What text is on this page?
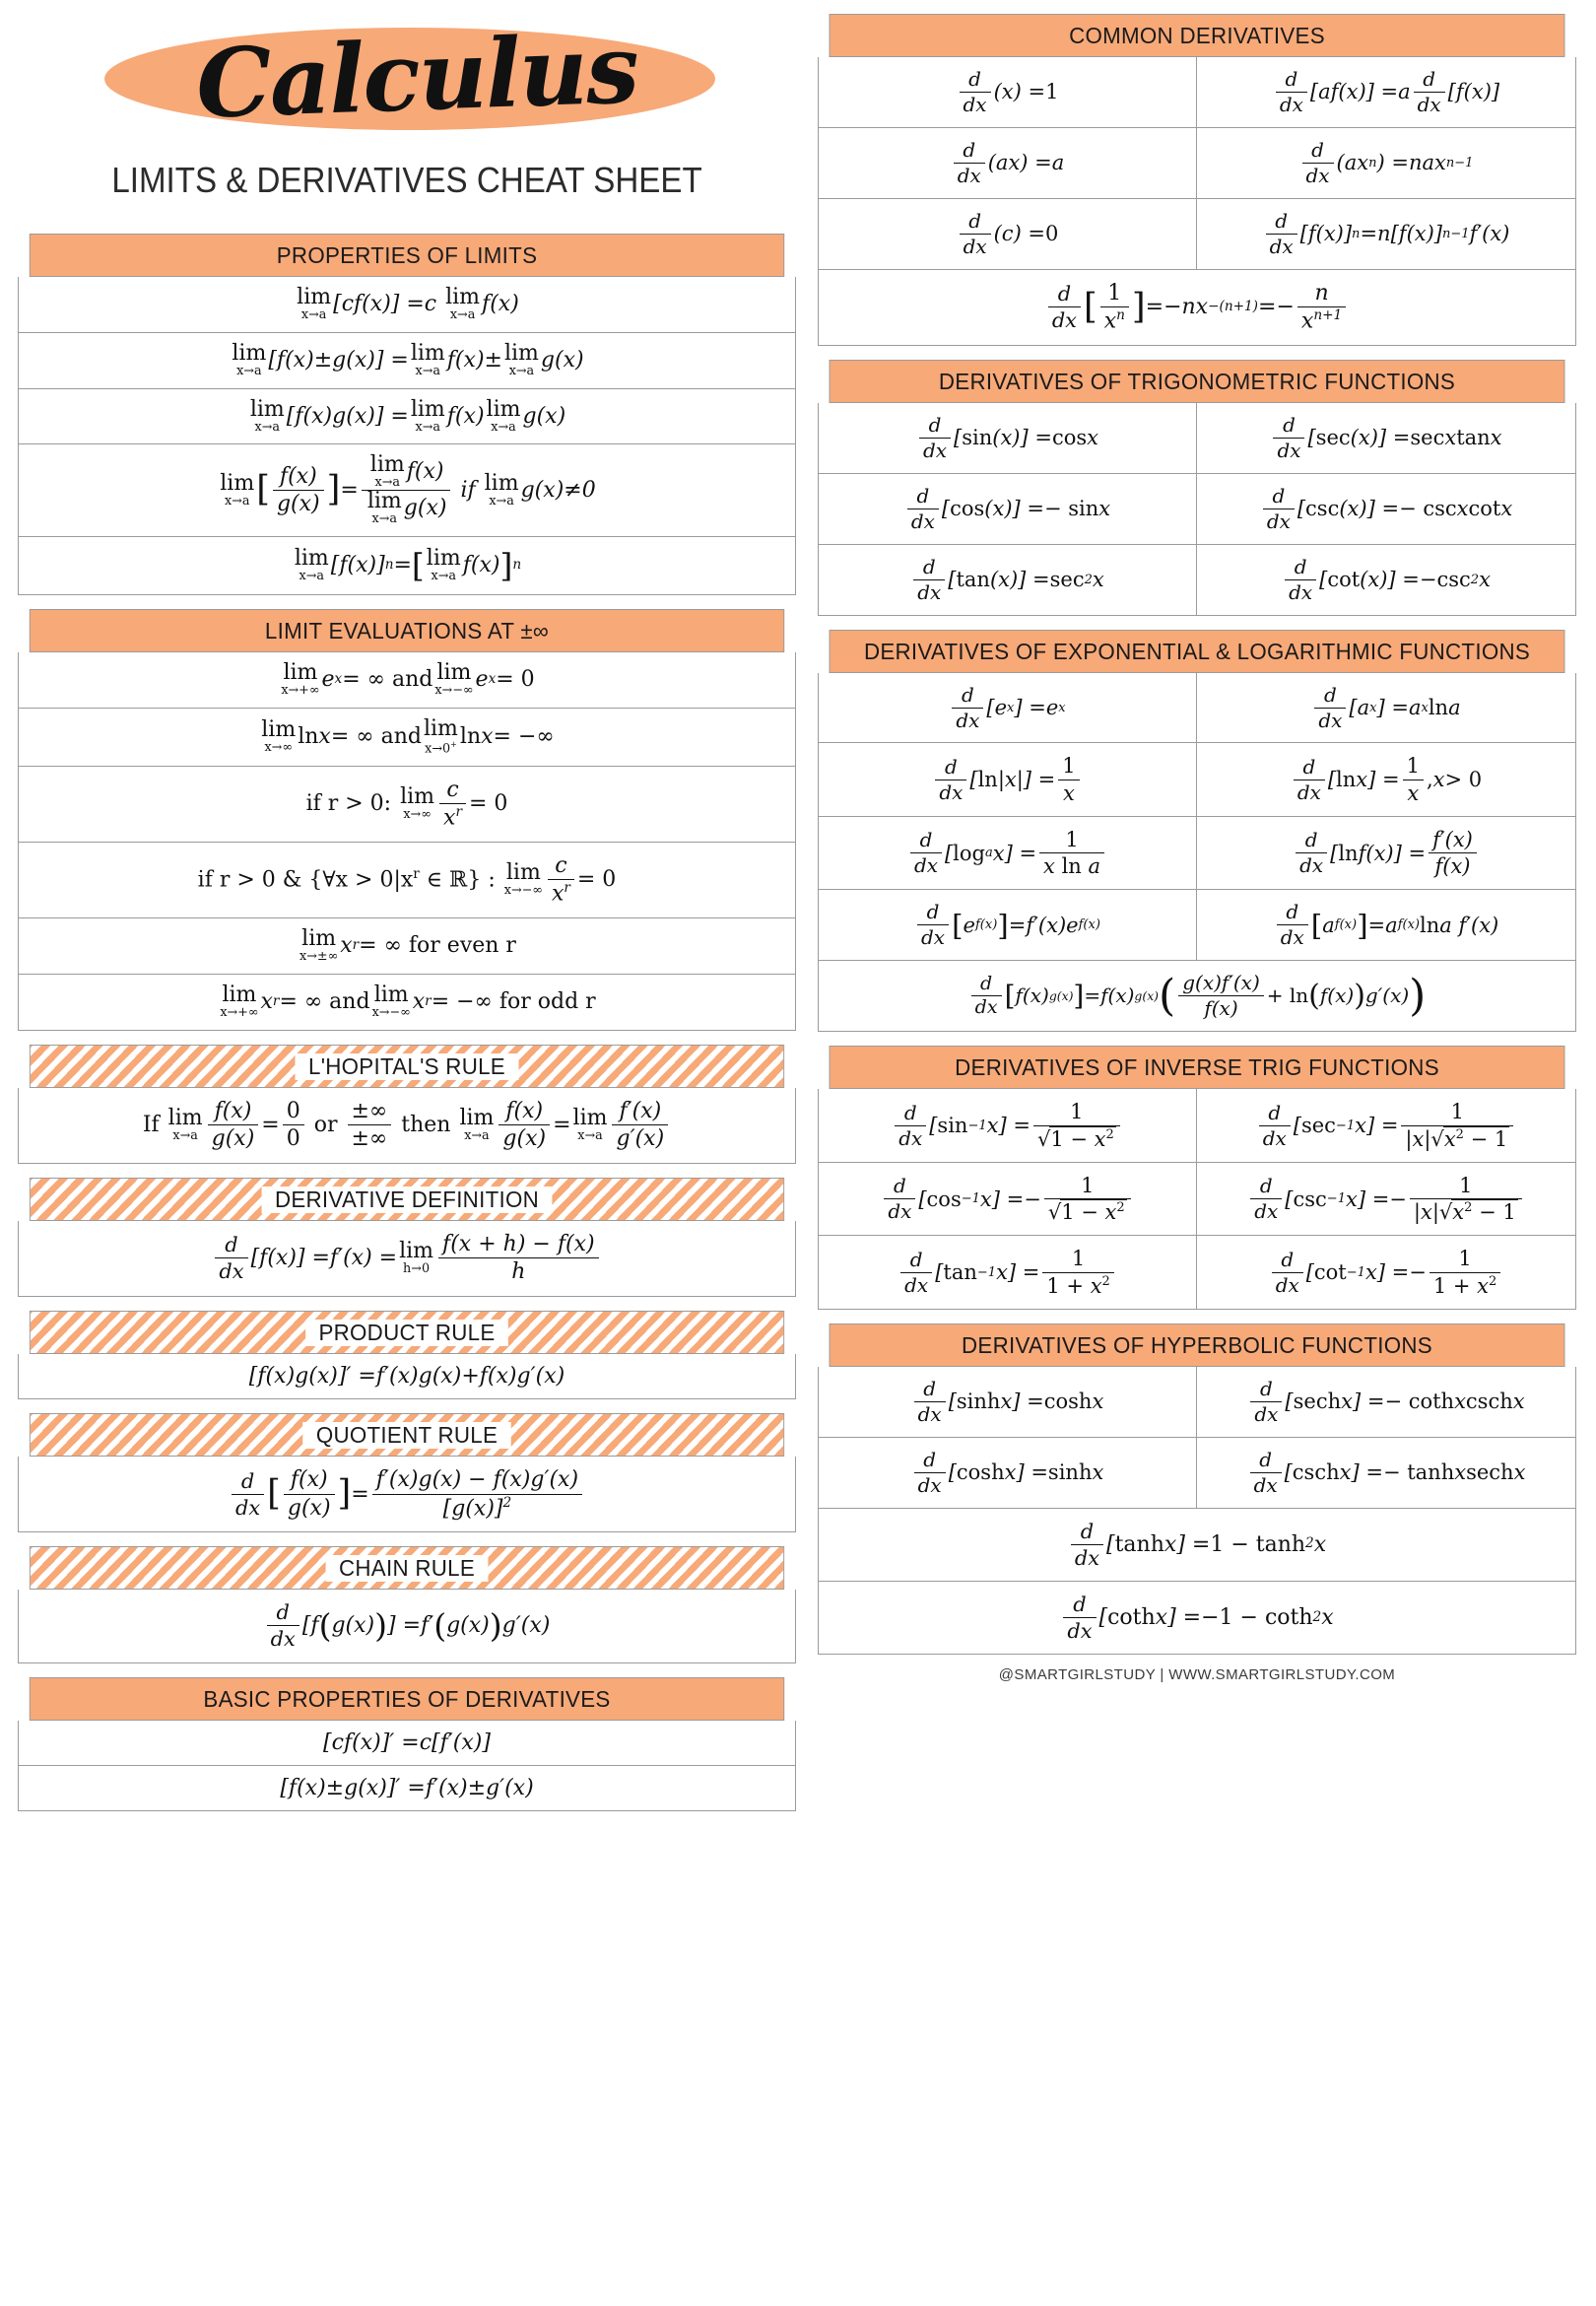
Calculus
LIMITS & DERIVATIVES CHEAT SHEET
PROPERTIES OF LIMITS
lim
x→a [ cf ( x )] = c
lim
x→a f ( x )
lim
x→a [ f ( x ) ± g ( x )] = lim
x→a f ( x ) ± lim
x→a g ( x )
lim
x→a [ f ( x ) g ( x )] = lim
x→a f ( x ) lim
x→a g ( x )
lim
x→a [ $\frac{f(x)}{g(x)}$ ] = lim
x→a f(x)
lim
x→a g(x)
if
lim
x→a g ( x ) ≠ 0
lim
x→a [ f ( x )] n = [ lim
x→a f ( x ) ] n
LIMIT EVALUATIONS AT ±∞
lim
x→+∞ e x = ∞ and lim
x→−∞ e x = 0
lim
x→∞ ln x = ∞ and lim
x→0+ ln x = −∞
if r > 0:
lim
$x\to\infty \frac{c}{x^r} = 0$
if r > 0 & {∀x > $0|x^r$ ∈ ℝ} :
lim
$x\to-\infty \frac{c}{x^r} = 0$
lim
x→±∞ x r = ∞ for even r
lim
x→+∞ x r = ∞ and lim
x→−∞ x r = −∞ for odd r
L'HOPITAL'S RULE
If
lim
$x\to a \frac{f(x)}{g(x)} = \frac{0}{0}$
or
$\frac{\pm\infty}{\pm\infty}$
then
lim
$x\to a \frac{f(x)}{g(x)} = \lim$
$x\to a \frac{f'(x)}{g'(x)}$
DERIVATIVE DEFINITION
$\frac{d}{dx}$ [ f ( x )] = f ′( x ) = lim
$h\to 0 \frac{f(x + h) - f(x)}{h}$
PRODUCT RULE
[ f ( x ) g ( x )]′ = f ′( x ) g ( x ) + f ( x ) g ′( x )
QUOTIENT RULE
$\frac{d}{dx}$ [ $\frac{f(x)}{g(x)}$ ] = $\frac{f'(x)g(x) - f(x)g'(x)}{[g(x)]^2}$
CHAIN RULE
$\frac{d}{dx}$ [ f ( g ( x ) ) ] = f ′ ( g ( x ) ) g ′( x )
BASIC PROPERTIES OF DERIVATIVES
[ cf ( x )]′ = c [ f ′( x )]
[ f ( x ) ± g ( x )]′ = f ′( x ) ± g ′( x )
COMMON DERIVATIVES
$\frac{d}{dx}$ ( x ) = 1	$\frac{d}{dx}$ [ af ( x )] = a $\frac{d}{dx}$ [ f ( x )]
$\frac{d}{dx}$ ( ax ) = a	$\frac{d}{dx}$ ( ax n ) = nax n−1
$\frac{d}{dx}$ ( c ) = 0	$\frac{d}{dx}$ [ f ( x )] n = n [ f ( x )] n−1 f ′( x )
$\frac{d}{dx}$ [ $\frac{1}{x^n}$ ] = − nx −(n+1) = − $\frac{n}{x^{n+1}}$
DERIVATIVES OF TRIGONOMETRIC FUNCTIONS
$\frac{d}{dx}$ [ sin ( x )] = cos x	$\frac{d}{dx}$ [ sec ( x )] = sec x tan x
$\frac{d}{dx}$ [ cos ( x )] = − sin x	$\frac{d}{dx}$ [ csc ( x )] = − csc x cot x
$\frac{d}{dx}$ [ tan ( x )] = sec 2 x	$\frac{d}{dx}$ [ cot ( x )] = −csc 2 x
DERIVATIVES OF EXPONENTIAL & LOGARITHMIC FUNCTIONS
$\frac{d}{dx}$ [ e x ] = e x	$\frac{d}{dx}$ [ a x ] = a x ln a
$\frac{d}{dx}$ [ ln | x |] = $\frac{1}{x}$	$\frac{d}{dx}$ [ ln x ] = $\frac{1}{x}$ , x > 0
$\frac{d}{dx}$ [ log a x ] = $\frac{1}{\text{x ln a}}$	$\frac{d}{dx}$ [ ln f ( x )] = $\frac{f'(x)}{f(x)}$
$\frac{d}{dx}$ [ e f(x) ] = f ′( x ) e f(x)	$\frac{d}{dx}$ [ a f(x) ] = a f(x) ln a f ′( x )
$\frac{d}{dx}$ [ f ( x ) g(x) ] = f ( x ) g(x) ( $\frac{g(x)f'(x)}{f(x)} + \ln$ ( f ( x ) ) g ′( x ) )
DERIVATIVES OF INVERSE TRIG FUNCTIONS
$\frac{d}{dx}$ [ sin −1 x ] = $\frac{1}{√1 - x^2}$	$\frac{d}{dx}$ [ sec −1 x ] = $\frac{1}{|x|√x^2 - 1}$
$\frac{d}{dx}$ [ cos −1 x ] = − $\frac{1}{√1 - x^2}$	$\frac{d}{dx}$ [ csc −1 x ] = − $\frac{1}{|x|√x^2 - 1}$
$\frac{d}{dx}$ [ tan −1 x ] = $\frac{1}{1 + x^2}$	$\frac{d}{dx}$ [ cot −1 x ] = − $\frac{1}{1 + x^2}$
DERIVATIVES OF HYPERBOLIC FUNCTIONS
$\frac{d}{dx}$ [ sinh x ] = cosh x	$\frac{d}{dx}$ [ sech x ] = − coth x csch x
$\frac{d}{dx}$ [ cosh x ] = sinh x	$\frac{d}{dx}$ [ csch x ] = − tanh x sech x
$\frac{d}{dx}$ [ tanh x ] = 1 − tanh 2 x
$\frac{d}{dx}$ [ coth x ] = −1 − coth 2 x
@SMARTGIRLSTUDY | WWW.SMARTGIRLSTUDY.COM
